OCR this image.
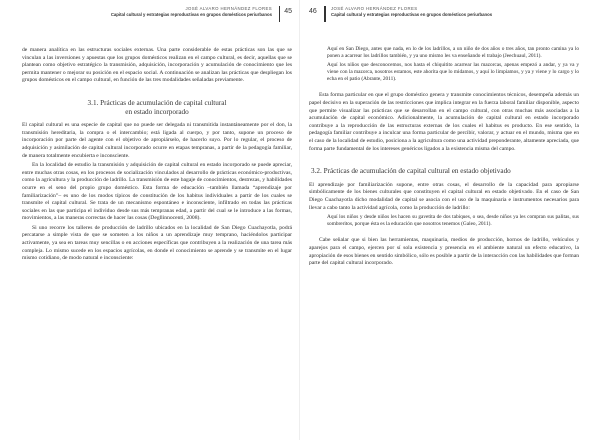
JOSÉ ALVARO HERNÁNDEZ FLORES
Capital cultural y estrategias reproductivas en grupos domésticos periurbanos 45

de manera analítica en las estructuras sociales externas. Una parte considerable de estas prácticas son las que se vinculan a las inversiones y apuestas que los grupos domésticos realizan en el campo cultural, es decir, aquellas que se plantean como objetivo estratégico la transmisión, adquisición, incorporación y acumulación de conocimiento que les permita mantener o mejorar su posición en el espacio social. A continuación se analizan las prácticas que despliegan los grupos domésticos en el campo cultural, en función de las tres modalidades señaladas previamente.

3.1. Prácticas de acumulación de capital cultural
en estado incorporado

El capital cultural es una especie de capital que no puede ser delegada ni transmitida instantáneamente por el don, la transmisión hereditaria, la compra o el intercambio; está ligada al cuerpo, y por tanto, supone un proceso de incorporación por parte del agente con el objetivo de apropiárselo, de hacerlo suyo. Por lo regular, el proceso de adquisición y asimilación de capital cultural incorporado ocurre en etapas tempranas, a partir de la pedagogía familiar, de manera totalmente encubierta e inconsciente.

En la localidad de estudio la transmisión y adquisición de capital cultural en estado incorporado se puede apreciar, entre muchas otras cosas, en los procesos de socialización vinculados al desarrollo de prácticas económico-productivas, como la agricultura y la producción de ladrillo. La transmisión de este bagaje de conocimientos, destrezas, y habilidades ocurre en el seno del propio grupo doméstico. Esta forma de educación –también llamada “aprendizaje por familiarización”– es uno de los modos típicos de constitución de los habitus individuales a partir de los cuales se transmite el capital cultural. Se trata de un mecanismo espontáneo e inconsciente, infiltrado en todas las prácticas sociales en las que participa el individuo desde sus más tempranas edad, a partir del cual se le introduce a las formas, movimientos, a las maneras correctas de hacer las cosas (Degllinnocenti, 2008).

Si uno recorre los talleres de producción de ladrillo ubicados en la localidad de San Diego Cuachayotla, podrá percatarse a simple vista de que se someten a los niños a un aprendizaje muy temprano, haciéndolos participar activamente, ya sea en tareas muy sencillas o en acciones específicas que contribuyen a la realización de una tarea más compleja. Lo mismo sucede en los espacios agrícolas, en donde el conocimiento se aprende y se transmite en el lugar mismo cotidiano, de modo natural e inconsciente:

46	JOSÉ ALVARO HERNÁNDEZ FLORES
Capital cultural y estrategias reproductivas en grupos domésticos periurbanos

Aquí en San Diego, antes que nada, en lo de los ladrillos, a un niño de dos años o tres años, tan pronto camina ya lo ponen a acarrear los ladrillos también, y ya uno mismo les va enseñando el trabajo (Jeechuaul, 2011).

Aquí los niños que desconocemos, nos hasta el chiquitito acarrear las mazorcas, apenas empezó a andar, y ya va y viene con la mazorca, nosotros estamos, este ahorita que lo midamos, y aquí lo limpiamos, y ya y viene y lo cargo y lo echa en el patio (Abrante, 2011).

Esta forma particular en que el grupo doméstico genera y transmite conocimientos técnicos, desempeña además un papel decisivo en la superación de las restricciones que implica integrar en la fuerza laboral familiar disponible, aspecto que permite visualizar las prácticas que se desarrollan en el campo cultural, con otras muchas más asociadas a la acumulación de capital económico. Adicionalmente, la acumulación de capital cultural en estado incorporado contribuye a la reproducción de las estructuras externas de los cuales el habitus es producto. En ese sentido, la pedagogía familiar contribuye a inculcar una forma particular de percibir, valorar, y actuar en el mundo, misma que en el caso de la localidad de estudio, posiciona a la agricultura como una actividad preponderante, altamente apreciada, que forma parte fundamental de los intereses genéricos ligados a la existencia misma del campo.

3.2. Prácticas de acumulación de capital cultural en estado objetivado

El aprendizaje por familiarización supone, entre otras cosas, el desarrollo de la capacidad para apropiarse simbólicamente de los bienes culturales que constituyen el capital cultural en estado objetivado. En el caso de San Diego Cuachayotla dicho modalidad de capital se asocia con el uso de la maquinaria e instrumentos necesarios para llevar a cabo tanto la actividad agrícola, como la producción de ladrillo:

Aquí los niños y desde niños les hacen su gavetita de dos tabiques, o sea, desde niños ya les compran sus palitas, sus sombreritos, porque ésta es la educación que nosotros tenemos (Galeo, 2011).

Cabe señalar que si bien las herramientas, maquinaria, medios de producción, hornos de ladrillo, vehículos y aparejos para el campo, ejercen por sí sola existencia y presencia en el ambiente natural un efecto educativo, la apropiación de esos bienes en sentido simbólico, sólo es posible a partir de la interacción con las habilidades que forman parte del capital cultural incorporado.
